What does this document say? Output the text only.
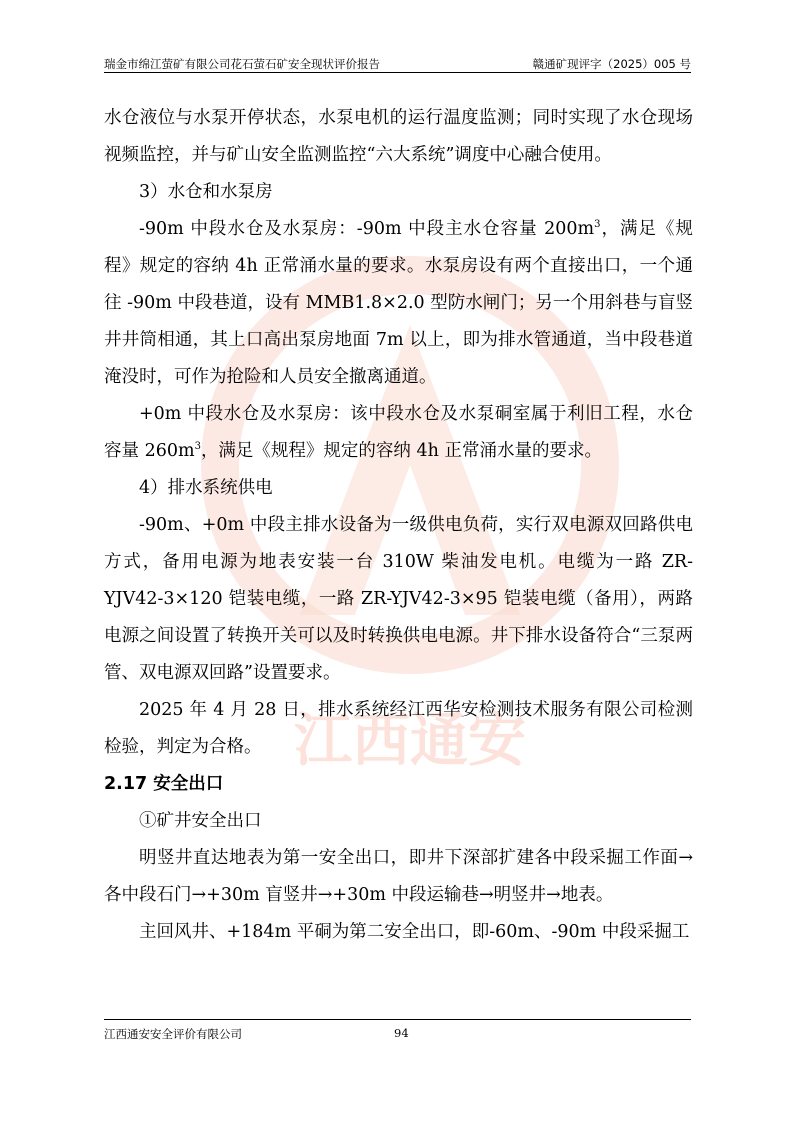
瑞金市绵江萤矿有限公司花石萤石矿安全现状评价报告	赣通矿现评字（2025）005 号
江西通安

水仓液位与水泵开停状态，水泵电机的运行温度监测；同时实现了水仓现场视频监控，并与矿山安全监测监控“六大系统”调度中心融合使用。

3）水仓和水泵房

-90m 中段水仓及水泵房：-90m 中段主水仓容量 $200m^3$，满足《规程》规定的容纳 4h 正常涌水量的要求。水泵房设有两个直接出口，一个通往 -90m 中段巷道，设有 MMB1.8×2.0 型防水闸门；另一个用斜巷与盲竖井井筒相通，其上口高出泵房地面 7m 以上，即为排水管通道，当中段巷道淹没时，可作为抢险和人员安全撤离通道。

+0m 中段水仓及水泵房：该中段水仓及水泵硐室属于利旧工程，水仓容量 $260m^3$，满足《规程》规定的容纳 4h 正常涌水量的要求。

4）排水系统供电

-90m、+0m 中段主排水设备为一级供电负荷，实行双电源双回路供电方式，备用电源为地表安装一台 310W 柴油发电机。电缆为一路 ZR-YJV42-3×120 铠装电缆，一路 ZR-YJV42-3×95 铠装电缆（备用），两路电源之间设置了转换开关可以及时转换供电电源。井下排水设备符合“三泵两管、双电源双回路”设置要求。

2025 年 4 月 28 日，排水系统经江西华安检测技术服务有限公司检测检验，判定为合格。

2.17 安全出口

①矿井安全出口

明竖井直达地表为第一安全出口，即井下深部扩建各中段采掘工作面→各中段石门→+30m 盲竖井→+30m 中段运输巷→明竖井→地表。

主回风井、+184m 平硐为第二安全出口，即-60m、-90m 中段采掘工

江西通安安全评价有限公司	94
